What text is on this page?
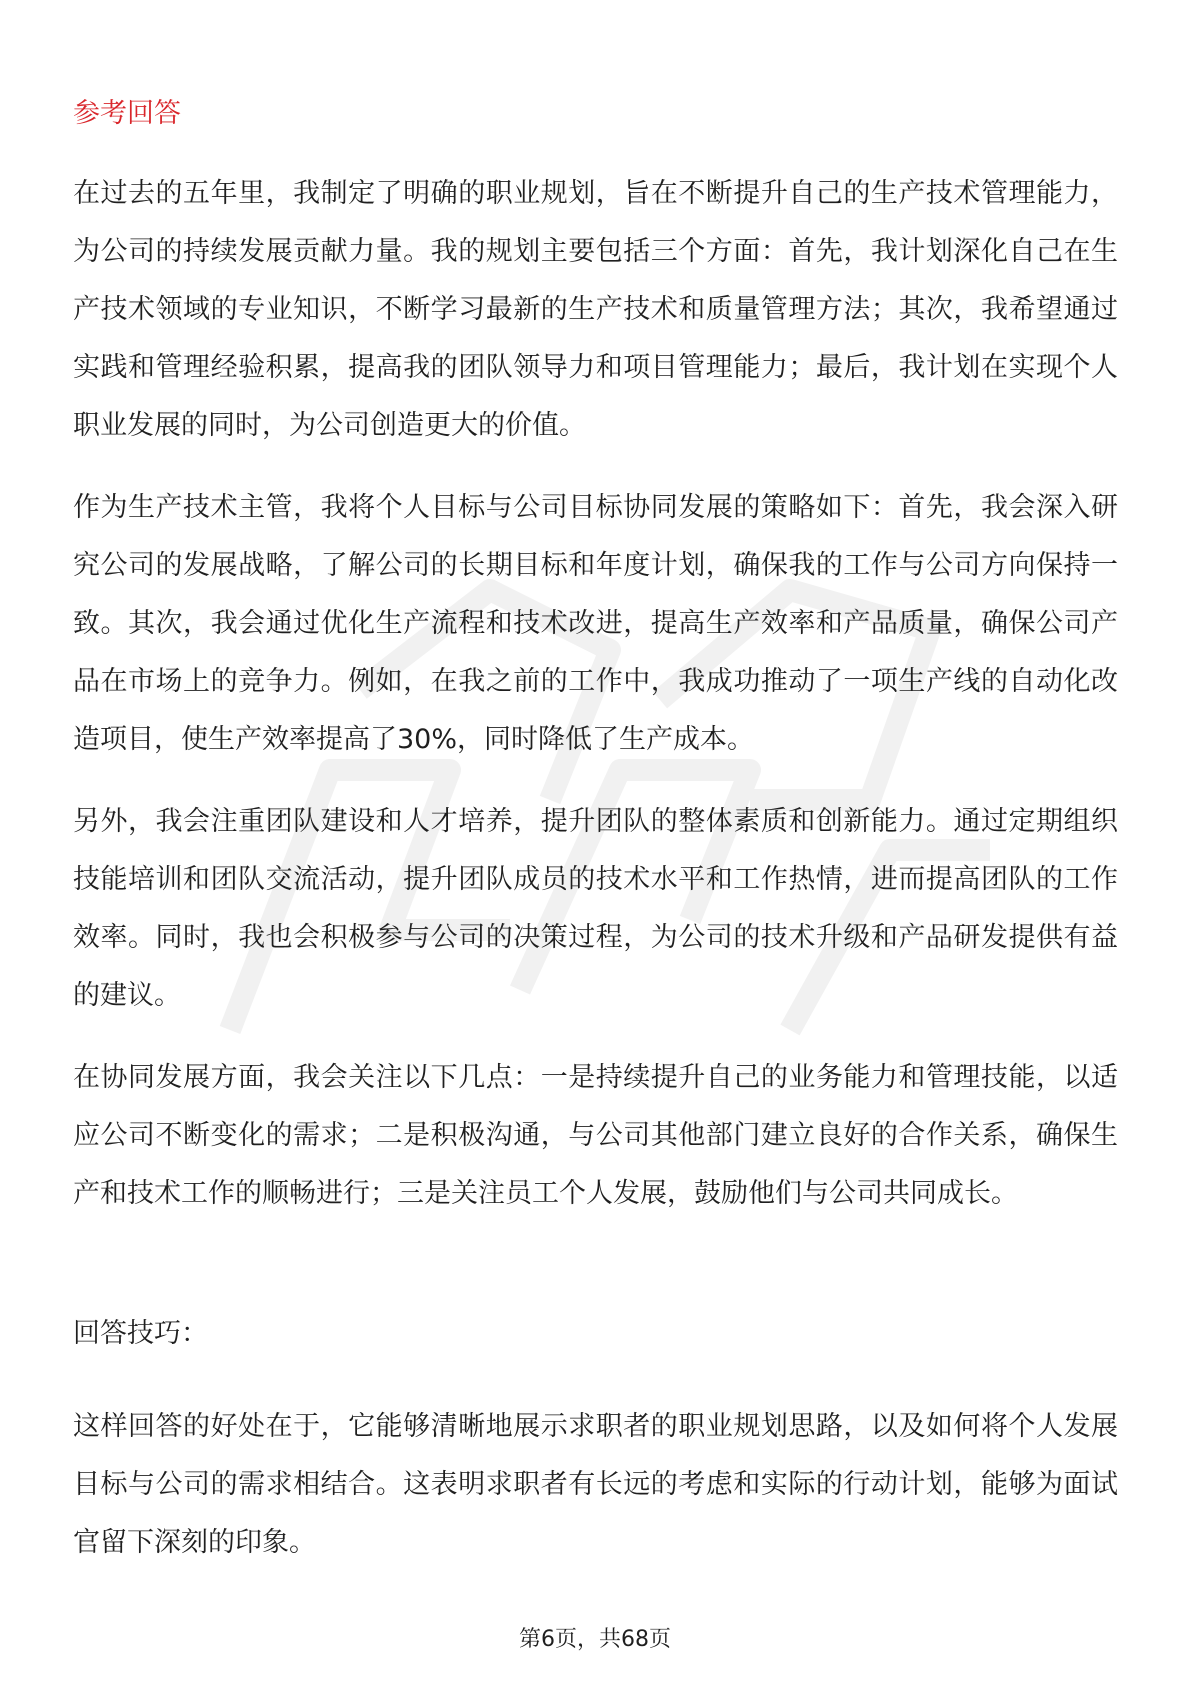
参考回答

在过去的五年里，我制定了明确的职业规划，旨在不断提升自己的生产技术管理能力，为公司的持续发展贡献力量。我的规划主要包括三个方面：首先，我计划深化自己在生产技术领域的专业知识，不断学习最新的生产技术和质量管理方法；其次，我希望通过实践和管理经验积累，提高我的团队领导力和项目管理能力；最后，我计划在实现个人职业发展的同时，为公司创造更大的价值。

作为生产技术主管，我将个人目标与公司目标协同发展的策略如下：首先，我会深入研究公司的发展战略，了解公司的长期目标和年度计划，确保我的工作与公司方向保持一致。其次，我会通过优化生产流程和技术改进，提高生产效率和产品质量，确保公司产品在市场上的竞争力。例如，在我之前的工作中，我成功推动了一项生产线的自动化改造项目，使生产效率提高了30%，同时降低了生产成本。

另外，我会注重团队建设和人才培养，提升团队的整体素质和创新能力。通过定期组织技能培训和团队交流活动，提升团队成员的技术水平和工作热情，进而提高团队的工作效率。同时，我也会积极参与公司的决策过程，为公司的技术升级和产品研发提供有益的建议。

在协同发展方面，我会关注以下几点：一是持续提升自己的业务能力和管理技能，以适应公司不断变化的需求；二是积极沟通，与公司其他部门建立良好的合作关系，确保生产和技术工作的顺畅进行；三是关注员工个人发展，鼓励他们与公司共同成长。

回答技巧：

这样回答的好处在于，它能够清晰地展示求职者的职业规划思路，以及如何将个人发展目标与公司的需求相结合。这表明求职者有长远的考虑和实际的行动计划，能够为面试官留下深刻的印象。

第6页，共68页
